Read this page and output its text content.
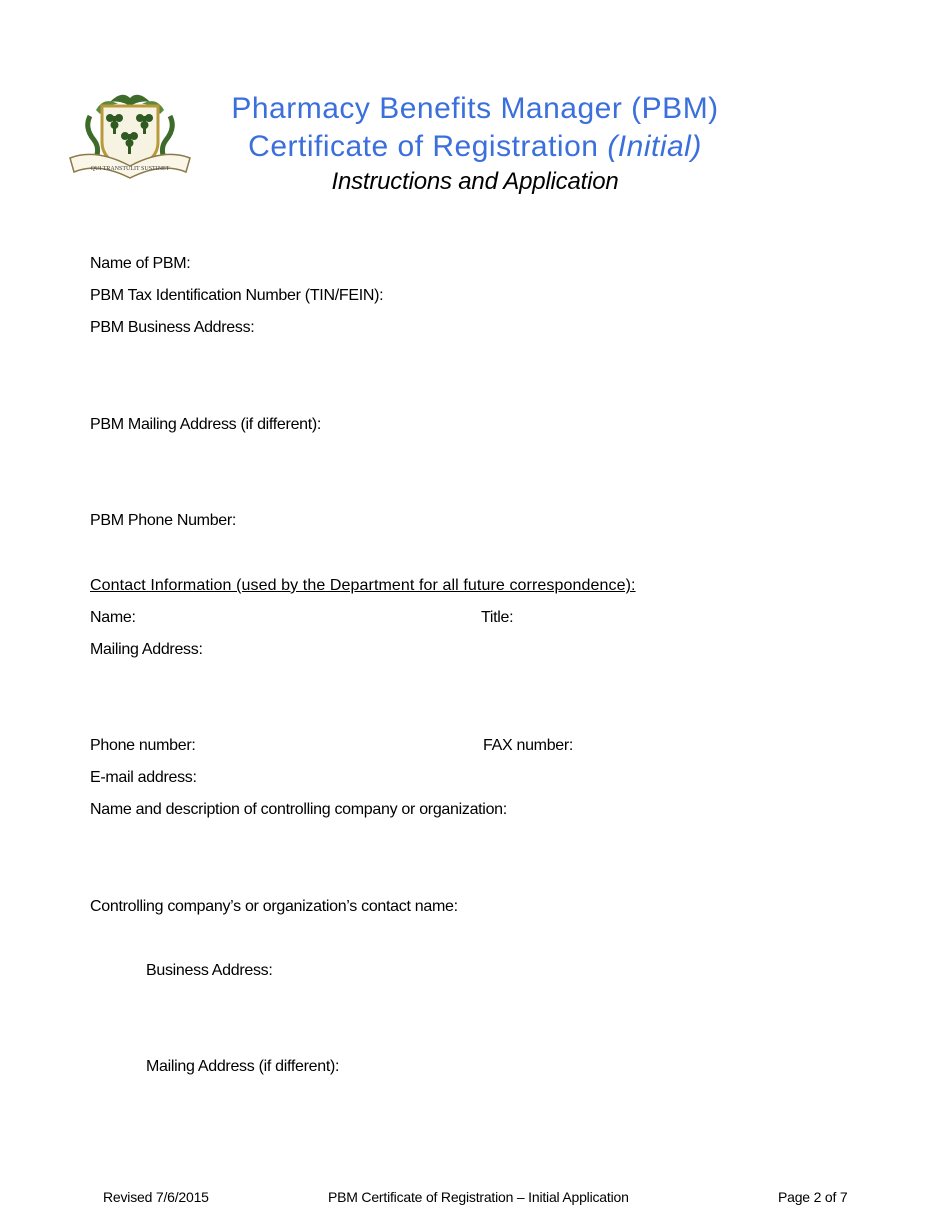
QUI TRANSTULIT SUSTINET
Pharmacy Benefits Manager (PBM)
Certificate of Registration (Initial)
Instructions and Application
Name of PBM:
PBM Tax Identification Number (TIN/FEIN):
PBM Business Address:
PBM Mailing Address (if different):
PBM Phone Number:
Contact Information (used by the Department for all future correspondence):
Name:	Title:
Mailing Address:
Phone number:	FAX number:
E-mail address:
Name and description of controlling company or organization:
Controlling company’s or organization’s contact name:
Business Address:
Mailing Address (if different):
Revised 7/6/2015	PBM Certificate of Registration – Initial Application	Page 2 of 7
